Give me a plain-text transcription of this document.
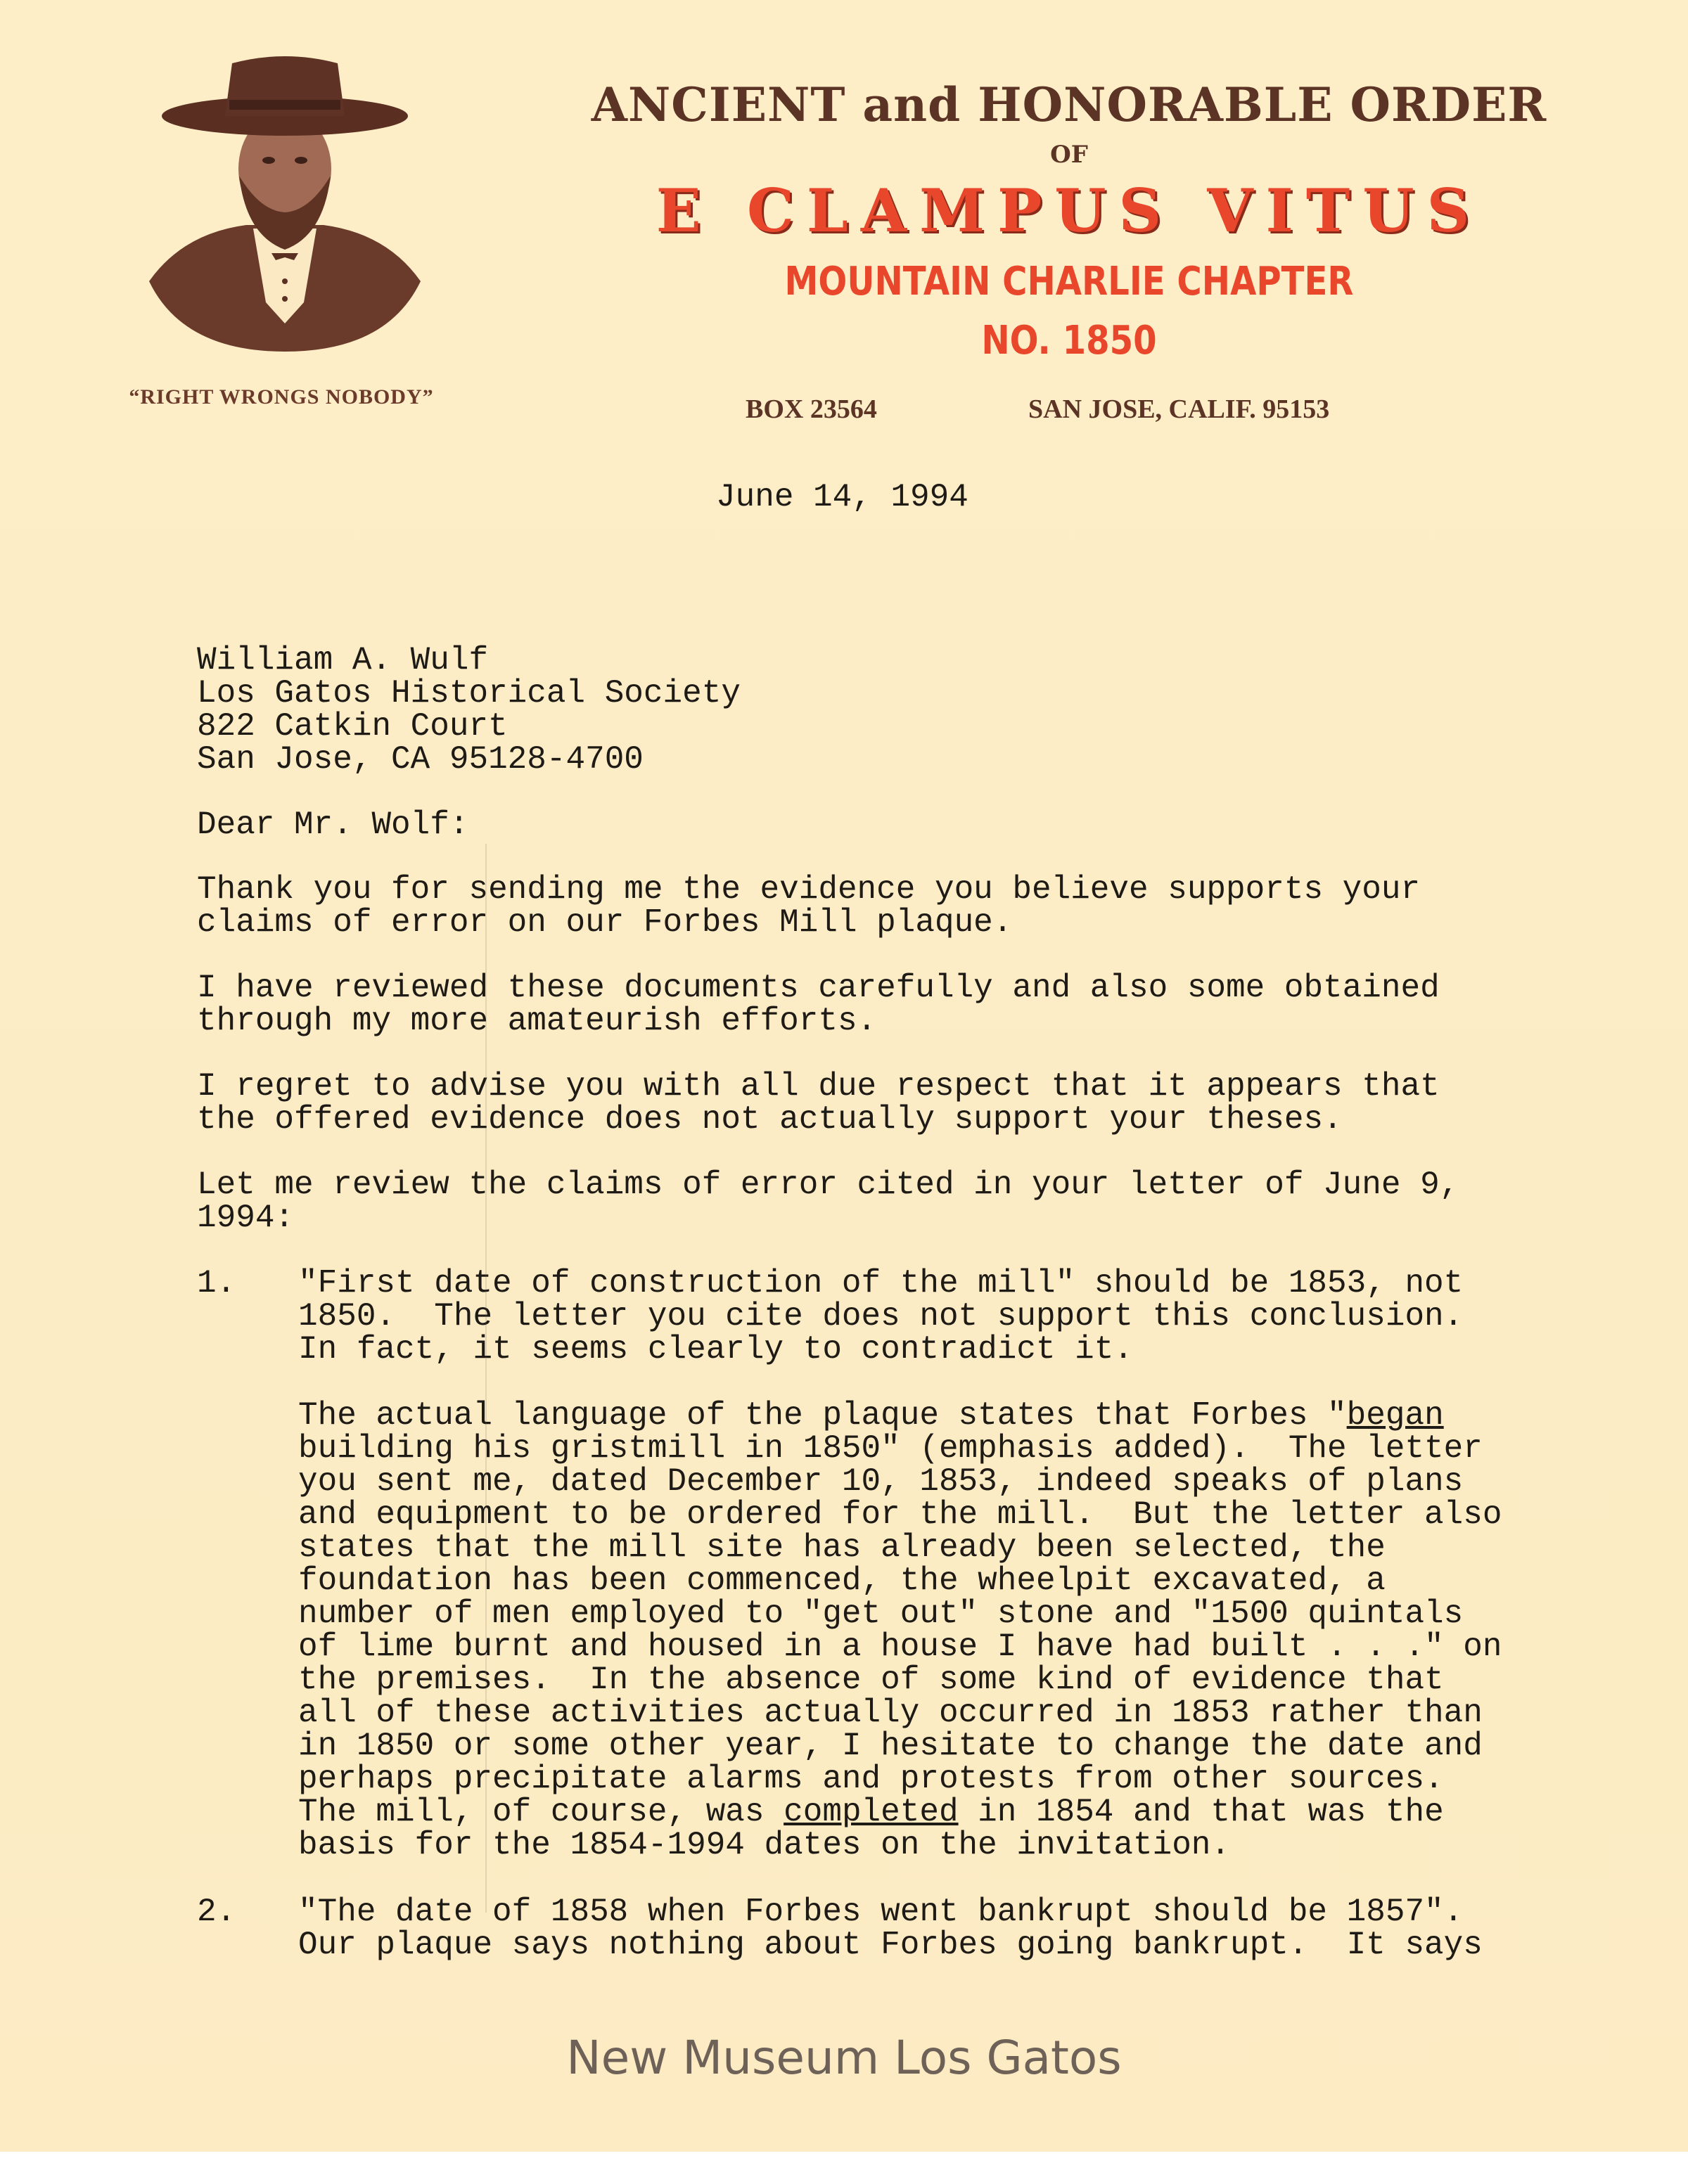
“RIGHT WRONGS NOBODY”
ANCIENT and HONORABLE ORDER
OF
E CLAMPUS VITUS
MOUNTAIN CHARLIE CHAPTER
NO. 1850
BOX 23564	SAN JOSE, CALIF. 95153
June 14, 1994
William A. Wulf
Los Gatos Historical Society
822 Catkin Court
San Jose, CA 95128-4700
Dear Mr. Wolf:
Thank you for sending me the evidence you believe supports your
claims of error on our Forbes Mill plaque.
I have reviewed these documents carefully and also some obtained
through my more amateurish efforts.
I regret to advise you with all due respect that it appears that
the offered evidence does not actually support your theses.
Let me review the claims of error cited in your letter of June 9,
1994:
1. "First date of construction of the mill" should be 1853, not
1850.  The letter you cite does not support this conclusion.
In fact, it seems clearly to contradict it.
The actual language of the plaque states that Forbes "began
building his gristmill in 1850" (emphasis added).  The letter
you sent me, dated December 10, 1853, indeed speaks of plans
and equipment to be ordered for the mill.  But the letter also
states that the mill site has already been selected, the
foundation has been commenced, the wheelpit excavated, a
number of men employed to "get out" stone and "1500 quintals
of lime burnt and housed in a house I have had built . . ." on
the premises.  In the absence of some kind of evidence that
all of these activities actually occurred in 1853 rather than
in 1850 or some other year, I hesitate to change the date and
perhaps precipitate alarms and protests from other sources.
The mill, of course, was completed in 1854 and that was the
basis for the 1854-1994 dates on the invitation.
2. "The date of 1858 when Forbes went bankrupt should be 1857".
Our plaque says nothing about Forbes going bankrupt.  It says
New Museum Los Gatos
